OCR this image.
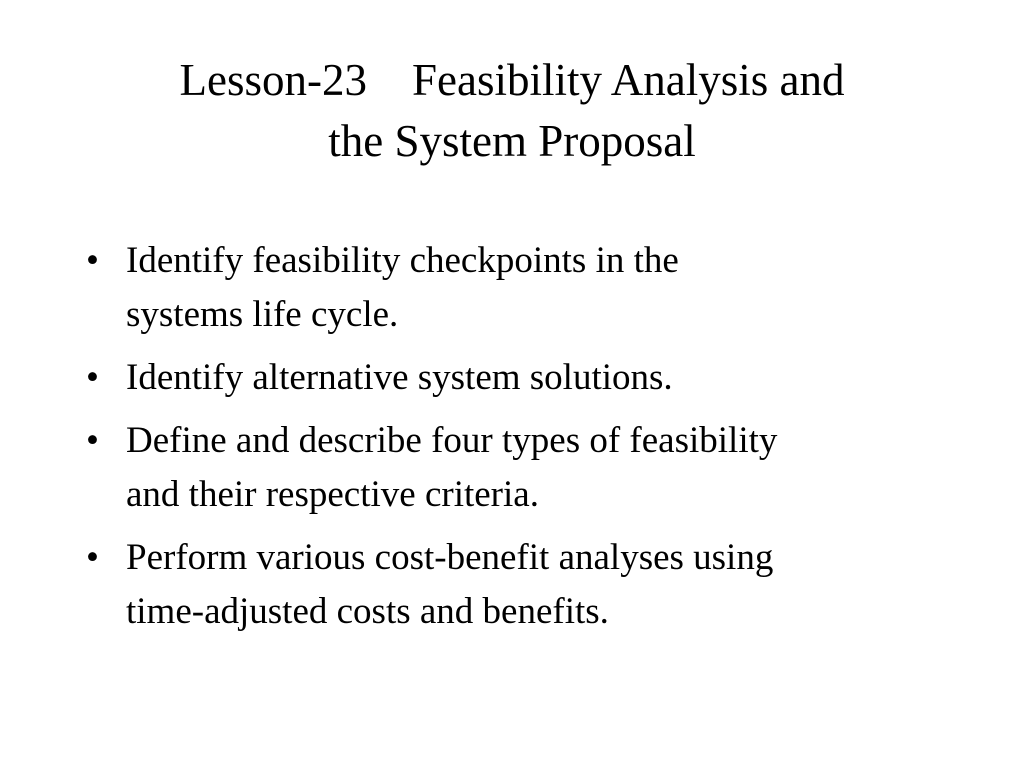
Lesson-23    Feasibility Analysis and
the System Proposal
• Identify feasibility checkpoints in the
systems life cycle.
• Identify alternative system solutions.
• Define and describe four types of feasibility
and their respective criteria.
• Perform various cost-benefit analyses using
time-adjusted costs and benefits.
